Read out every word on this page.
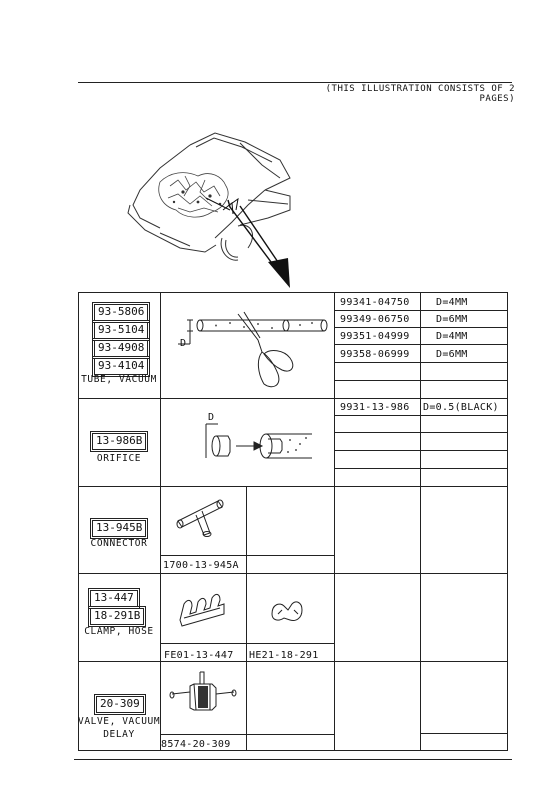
(THIS ILLUSTRATION CONSISTS OF 2 PAGES)
93-5806
93-5104
93-4908
93-4104
TUBE, VACUUM
D
99341-04750	D=4MM
99349-06750	D=6MM
99351-04999	D=4MM
99358-06999	D=6MM
13-986B
ORIFICE
D
9931-13-986 D=0.5(BLACK)
13-945B
CONNECTOR
1700-13-945A
13-447
18-291B
CLAMP, HOSE
FE01-13-447 HE21-18-291
20-309
VALVE, VACUUM
DELAY
8574-20-309
